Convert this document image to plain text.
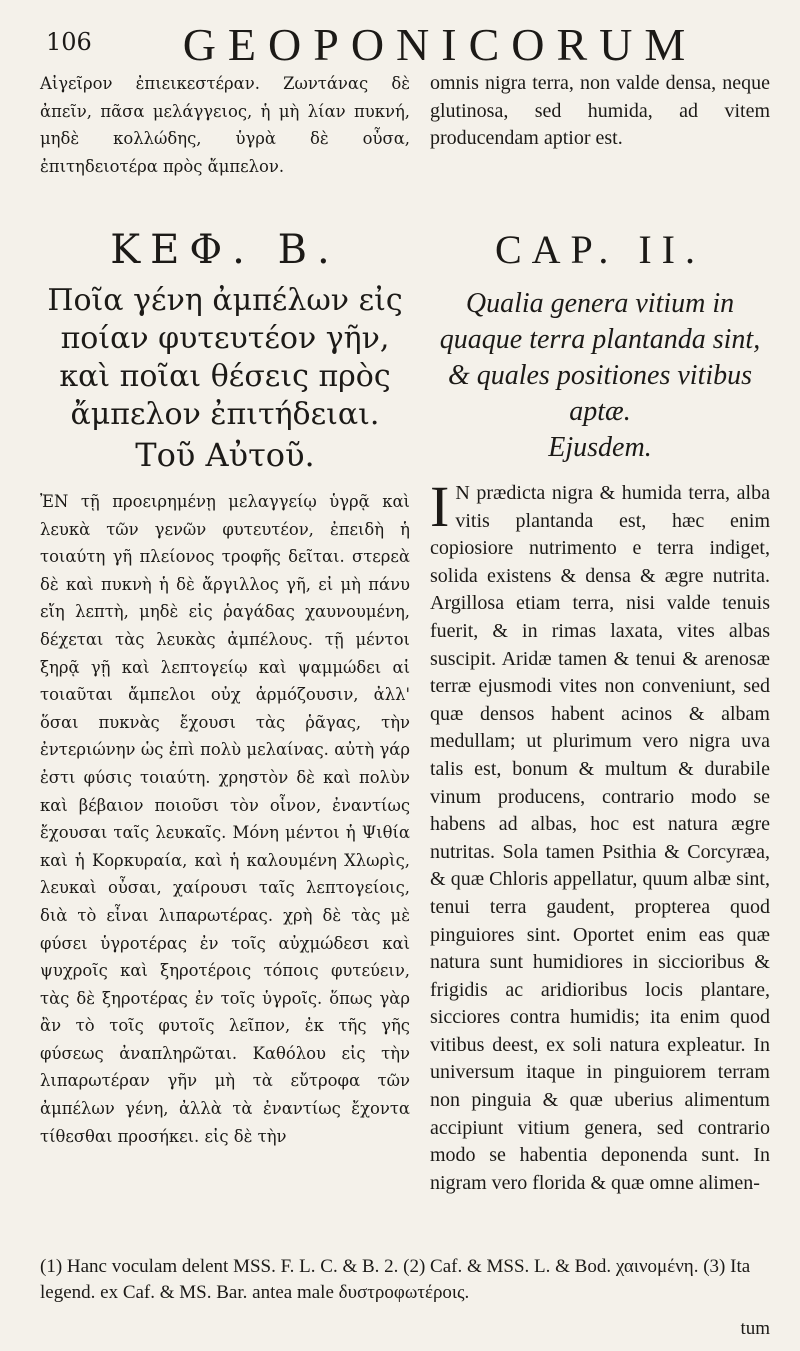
106	GEOPONICORUM

Αἰγεῖρον ἐπιεικεστέραν. Ζωντάνας δὲ ἀπεῖν, πᾶσα μελάγγειος, ἡ μὴ λίαν πυκνή, μηδὲ κολλώδης, ὑγρὰ δὲ οὖσα, ἐπιτηδειοτέρα πρὸς ἄμπελον.

ΚΕΦ. Β.
Ποῖα γένη ἀμπέλων εἰς ποίαν φυτευτέον γῆν, καὶ ποῖαι θέσεις πρὸς ἄμπελον ἐπιτήδειαι.
Τοῦ Αὐτοῦ.

ἘΝ τῇ προειρημένῃ μελαγγείῳ ὑγρᾷ καὶ λευκὰ τῶν γενῶν φυτευτέον, ἐπειδὴ ἡ τοιαύτη γῆ πλείονος τροφῆς δεῖται. στερεὰ δὲ καὶ πυκνὴ ἡ δὲ ἄργιλλος γῆ, εἰ μὴ πάνυ εἴη λεπτὴ, μηδὲ εἰς ῥαγάδας χαυνουμένη, δέχεται τὰς λευκὰς ἀμπέλους. τῇ μέντοι ξηρᾷ γῇ καὶ λεπτογείῳ καὶ ψαμμώδει αἱ τοιαῦται ἄμπελοι οὐχ ἁρμόζουσιν, ἀλλ' ὅσαι πυκνὰς ἔχουσι τὰς ῥᾶγας, τὴν ἐντεριώνην ὡς ἐπὶ πολὺ μελαίνας. αὐτὴ γάρ ἐστι φύσις τοιαύτη. χρηστὸν δὲ καὶ πολὺν καὶ βέβαιον ποιοῦσι τὸν οἶνον, ἐναντίως ἔχουσαι ταῖς λευκαῖς. Μόνη μέντοι ἡ Ψιθία καὶ ἡ Κορκυραία, καὶ ἡ καλουμένη Χλωρὶς, λευκαὶ οὖσαι, χαίρουσι ταῖς λεπτογείοις, διὰ τὸ εἶναι λιπαρωτέρας. χρὴ δὲ τὰς μὲ φύσει ὑγροτέρας ἐν τοῖς αὐχμώδεσι καὶ ψυχροῖς καὶ ξηροτέροις τόποις φυτεύειν, τὰς δὲ ξηροτέρας ἐν τοῖς ὑγροῖς. ὅπως γὰρ ἂν τὸ τοῖς φυτοῖς λεῖπον, ἐκ τῆς γῆς φύσεως ἀναπληρῶται. Καθόλου εἰς τὴν λιπαρωτέραν γῆν μὴ τὰ εὔτροφα τῶν ἀμπέλων γένη, ἀλλὰ τὰ ἐναντίως ἔχοντα τίθεσθαι προσήκει. εἰς δὲ τὴν

omnis nigra terra, non valde densa, neque glutinosa, sed humida, ad vitem producendam aptior est.

CAP. II.
Qualia genera vitium in quaque terra plantanda sint, & quales positiones vitibus aptæ.
Ejusdem.
I N prædicta nigra & humida terra, alba vitis plantanda est, hæc enim copiosiore nutrimento e terra indiget, solida existens & densa & ægre nutrita. Argillosa etiam terra, nisi valde tenuis fuerit, & in rimas laxata, vites albas suscipit. Aridæ tamen & tenui & arenosæ terræ ejusmodi vites non conveniunt, sed quæ densos habent acinos & albam medullam; ut plurimum vero nigra uva talis est, bonum & multum & durabile vinum producens, contrario modo se habens ad albas, hoc est natura ægre nutritas. Sola tamen Psithia & Corcyræa, & quæ Chloris appellatur, quum albæ sint, tenui terra gaudent, propterea quod pinguiores sint. Oportet enim eas quæ natura sunt humidiores in siccioribus & frigidis ac aridioribus locis plantare, sicciores contra humidis; ita enim quod vitibus deest, ex soli natura expleatur. In universum itaque in pinguiorem terram non pinguia & quæ uberius alimentum accipiunt vitium genera, sed contrario modo se habentia deponenda sunt. In nigram vero florida & quæ omne alimen-

(1) Hanc voculam delent MSS. F. L. C. & B. 2. (2) Caf. & MSS. L. & Bod. χαινομένη. (3) Ita legend. ex Caf. & MS. Bar. antea male δυστροφωτέροις.
tum
